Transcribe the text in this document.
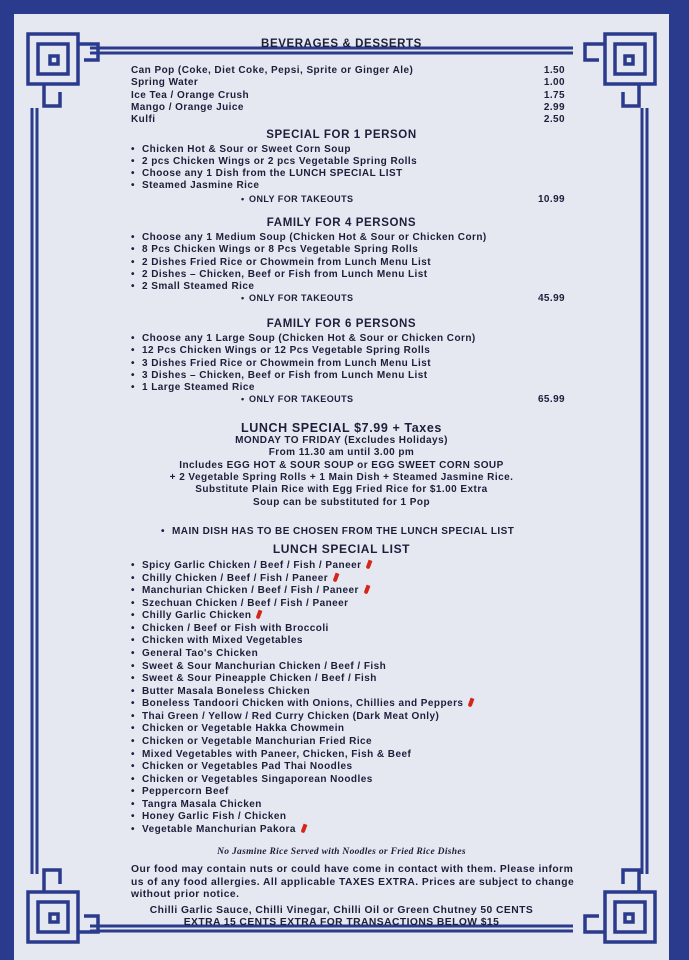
BEVERAGES & DESSERTS
Can Pop (Coke, Diet Coke, Pepsi, Sprite or Ginger Ale)	1.50
Spring Water	1.00
Ice Tea / Orange Crush	1.75
Mango / Orange Juice	2.99
Kulfi	2.50
SPECIAL FOR 1 PERSON
• Chicken Hot & Sour or Sweet Corn Soup
• 2 pcs Chicken Wings or 2 pcs Vegetable Spring Rolls
• Choose any 1 Dish from the LUNCH SPECIAL LIST
• Steamed Jasmine Rice
• ONLY FOR TAKEOUTS	10.99
FAMILY FOR 4 PERSONS
• Choose any 1 Medium Soup (Chicken Hot & Sour or Chicken Corn)
• 8 Pcs Chicken Wings or 8 Pcs Vegetable Spring Rolls
• 2 Dishes Fried Rice or Chowmein from Lunch Menu List
• 2 Dishes – Chicken, Beef or Fish from Lunch Menu List
• 2 Small Steamed Rice
• ONLY FOR TAKEOUTS	45.99
FAMILY FOR 6 PERSONS
• Choose any 1 Large Soup (Chicken Hot & Sour or Chicken Corn)
• 12 Pcs Chicken Wings or 12 Pcs Vegetable Spring Rolls
• 3 Dishes Fried Rice or Chowmein from Lunch Menu List
• 3 Dishes – Chicken, Beef or Fish from Lunch Menu List
• 1 Large Steamed Rice
• ONLY FOR TAKEOUTS	65.99
LUNCH SPECIAL $7.99 + Taxes
MONDAY TO FRIDAY (Excludes Holidays)
From 11.30 am until 3.00 pm
Includes EGG HOT & SOUR SOUP or EGG SWEET CORN SOUP
+ 2 Vegetable Spring Rolls + 1 Main Dish + Steamed Jasmine Rice.
Substitute Plain Rice with Egg Fried Rice for $1.00 Extra
Soup can be substituted for 1 Pop
• MAIN DISH HAS TO BE CHOSEN FROM THE LUNCH SPECIAL LIST
LUNCH SPECIAL LIST
• Spicy Garlic Chicken / Beef / Fish / Paneer
• Chilly Chicken / Beef / Fish / Paneer
• Manchurian Chicken / Beef / Fish / Paneer
• Szechuan Chicken / Beef / Fish / Paneer
• Chilly Garlic Chicken
• Chicken / Beef or Fish with Broccoli
• Chicken with Mixed Vegetables
• General Tao's Chicken
• Sweet & Sour Manchurian Chicken / Beef / Fish
• Sweet & Sour Pineapple Chicken / Beef / Fish
• Butter Masala Boneless Chicken
• Boneless Tandoori Chicken with Onions, Chillies and Peppers
• Thai Green / Yellow / Red Curry Chicken (Dark Meat Only)
• Chicken or Vegetable Hakka Chowmein
• Chicken or Vegetable Manchurian Fried Rice
• Mixed Vegetables with Paneer, Chicken, Fish & Beef
• Chicken or Vegetables Pad Thai Noodles
• Chicken or Vegetables Singaporean Noodles
• Peppercorn Beef
• Tangra Masala Chicken
• Honey Garlic Fish / Chicken
• Vegetable Manchurian Pakora
No Jasmine Rice Served with Noodles or Fried Rice Dishes
Our food may contain nuts or could have come in contact with them. Please inform
us of any food allergies. All applicable TAXES EXTRA. Prices are subject to change
without prior notice.
Chilli Garlic Sauce, Chilli Vinegar, Chilli Oil or Green Chutney 50 CENTS
EXTRA 15 CENTS EXTRA FOR TRANSACTIONS BELOW $15
